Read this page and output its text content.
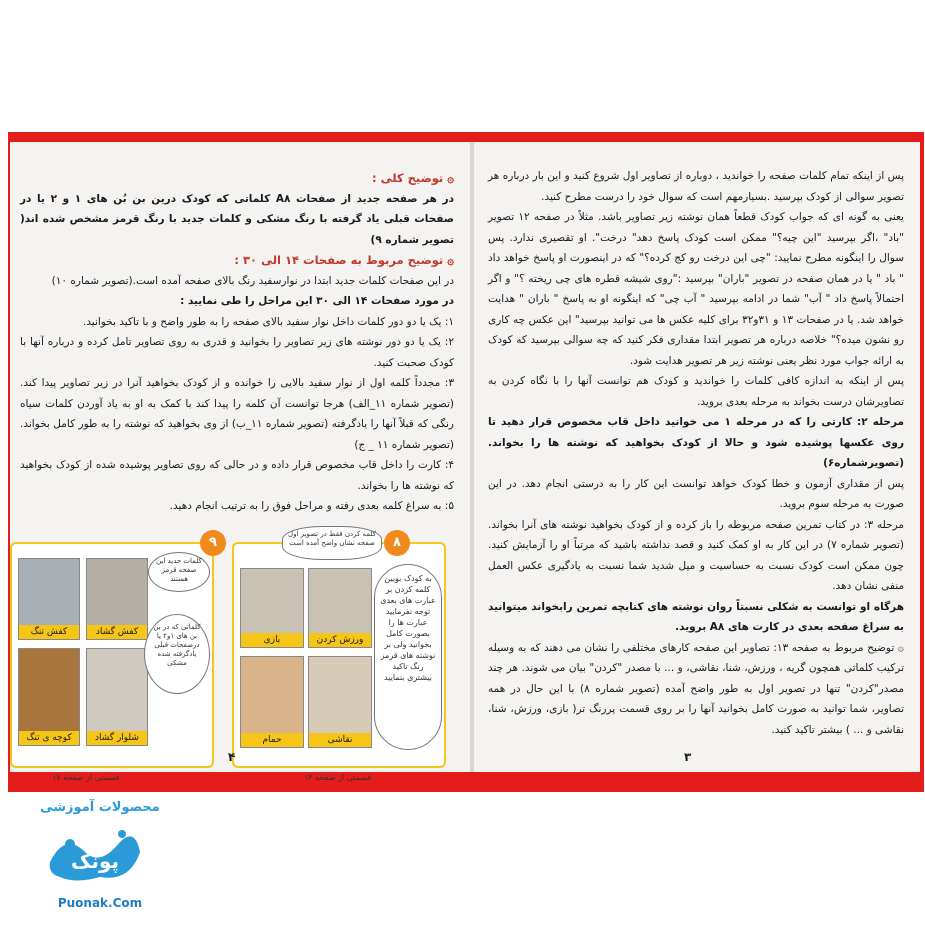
۞ توضیح کلی :

در هر صفحه جدید از صفحات A۸ کلماتی که کودک درین بن بُن های ۱ و ۲ یا در صفحات قبلی یاد گرفته با رنگ مشکی و کلمات جدید با رنگ قرمز مشخص شده اند( تصویر شماره ۹)

۞ توضیح مربوط به صفحات ۱۴ الی ۳۰ :

در این صفحات کلمات جدید ابتدا در نوارسفید رنگ بالای صفحه آمده است.(تصویر شماره ۱۰)

در مورد صفحات ۱۴ الی ۳۰ این مراحل را طی نمایید :

۱: یک یا دو دور کلمات داخل نوار سفید بالای صفحه را به طور واضح و با تاکید بخوانید.

۲: یک یا دو دور نوشته های زیر تصاویر را بخوانید و قدری به روی تصاویر تامل کرده و درباره آنها با کودک صحبت کنید.

۳: مجدداً کلمه اول از نوار سفید بالایی را خوانده و از کودک بخواهید آنرا در زیر تصاویر پیدا کند. (تصویر شماره ۱۱_الف) هرجا توانست آن کلمه را پیدا کند با کمک به او به یاد آوردن کلمات سیاه رنگی که قبلاً آنها را یادگرفته (تصویر شماره ۱۱_ب) از وی بخواهید که نوشته را به طور کامل بخواند. (تصویر شماره ۱۱ _ ج)

۴: کارت را داخل قاب مخصوص قرار داده و در حالی که روی تصاویر پوشیده شده از کودک بخواهید که نوشته ها را بخواند.

۵: به سراغ کلمه بعدی رفته و مراحل فوق را به ترتیب انجام دهید.

۸
کلمه کردن فقط در تصویر اول صفحه نشان واضح آمده است
بازی	ورزش کردن
حمام	نقاشی
به کودک بوبین کلمه کردن بر عبارت های بعدی توجه نفرمایید عبارت ها را بصورت کامل بخوانید ولی بر نوشته های قرمز رنگ تاکید بیشتری بنمایید
قسمتی از صفحه ۱۳
۹
کفش گشاد
کفش تنگ
شلوار گشاد
کوچه ی تنگ
کلمات جدید این صفحه قرمز هستند
کلماتی که در بن بن های ۱و۲ یا درصفحات قبلی یادگرفته شده مشکی
قسمتی از صفحه ۱۷
۴

پس از اینکه تمام کلمات صفحه را خواندید ، دوباره از تصاویر اول شروع کنید و این بار درباره هر تصویر سوالی از کودک بپرسید .بسیارمهم است که سوال خود را درست مطرح کنید.

یعنی به گونه ای که جواب کودک قطعاً همان نوشته زیر تصاویر باشد. مثلاً در صفحه ۱۲ تصویر "باد" ،اگر بپرسید "این چیه؟" ممکن است کودک پاسخ دهد" درخت". او تقصیری ندارد. پس سوال را اینگونه مطرح نمایید: "چی این درخت رو کج کرده؟" که در اینصورت او پاسخ خواهد داد " باد " یا در همان صفحه در تصویر "باران" بپرسید :"روی شیشه قطره های چی ریخته ؟" و اگر احتمالاً پاسخ داد " آب" شما در ادامه بپرسید " آب چی" که اینگونه او به پاسخ " باران " هدایت خواهد شد. یا در صفحات ۱۳ و ۳۱و۳۲ برای کلیه عکس ها می توانید بپرسید" این عکس چه کاری رو نشون میده؟" خلاصه درباره هر تصویر ابتدا مقداری فکر کنید که چه سوالی بپرسید که کودک به ارائه جواب مورد نظر یعنی نوشته زیر هر تصویر هدایت شود.

پس از اینکه به اندازه کافی کلمات را خواندید و کودک هم توانست آنها را با نگاه کردن به تصاویرشان درست بخواند به مرحله بعدی بروید.

مرحله ۲: کارتی را که در مرحله ۱ می خوانید داخل قاب مخصوص قرار دهید تا روی عکسها پوشیده شود و حالا از کودک بخواهید که نوشته ها را بخواند. (تصویرشماره۶)

پس از مقداری آزمون و خطا کودک خواهد توانست این کار را به درستی انجام دهد. در این صورت به مرحله سوم بروید.

مرحله ۳: در کتاب تمرین صفحه مربوطه را باز کرده و از کودک بخواهید نوشته های آنرا بخواند. (تصویر شماره ۷) در این کار به او کمک کنید و قصد نداشته باشید که مرتباً او را آزمایش کنید. چون ممکن است کودک نسبت به حساسیت و میل شدید شما نسبت به یادگیری عکس العمل منفی نشان دهد.

هرگاه او توانست به شکلی نسبتاً روان نوشته های کتابچه تمرین رابخواند میتوانید به سراغ صفحه بعدی در کارت های A۸ بروید.

۞ توضیح مربوط به صفحه ۱۳: تصاویر این صفحه کارهای مختلفی را نشان می دهند که به وسیله ترکیب کلماتی همچون گریه ، ورزش، شنا، نقاشی، و ... با مصدر "کردن" بیان می شوند. هر چند مصدر"کردن" تنها در تصویر اول به طور واضح آمده (تصویر شماره ۸) با این حال در همه تصاویر، شما توانید به صورت کامل بخوانید آنها را بر روی قسمت پررنگ تر( بازی، ورزش، شنا، نقاشی و ... ) بیشتر تاکید کنید.

۳
محصولات آموزشی
پونک
Puonak.Com
